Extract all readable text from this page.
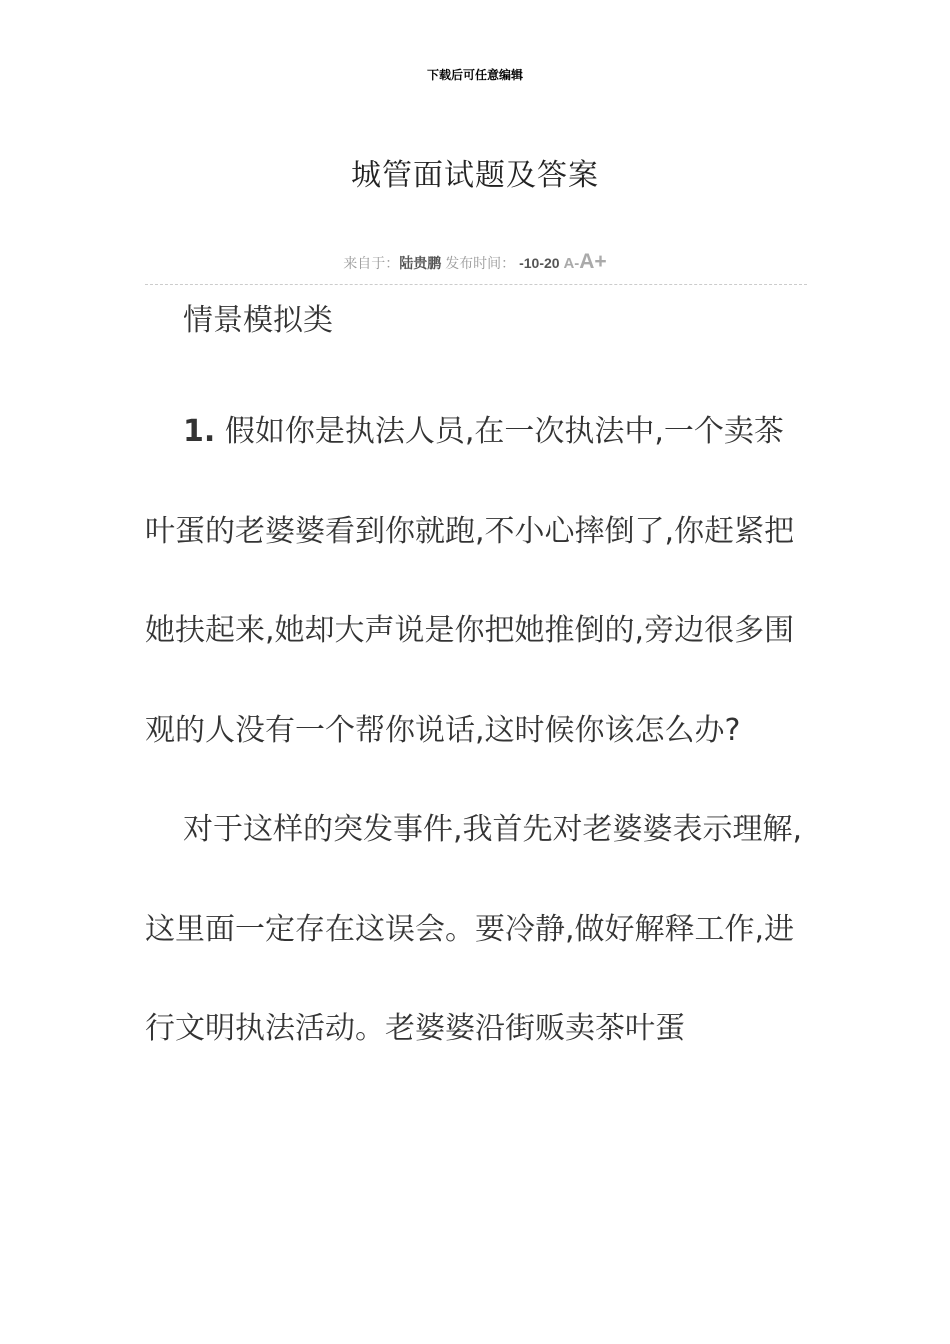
下载后可任意编辑
城管面试题及答案
来自于：陆贵鹏 发布时间： -10-20 A-A+

情景模拟类

1. 假如你是执法人员,在一次执法中,一个卖茶叶蛋的老婆婆看到你就跑,不小心摔倒了,你赶紧把她扶起来,她却大声说是你把她推倒的,旁边很多围观的人没有一个帮你说话,这时候你该怎么办?

对于这样的突发事件,我首先对老婆婆表示理解,这里面一定存在这误会。要冷静,做好解释工作,进行文明执法活动。老婆婆沿街贩卖茶叶蛋
